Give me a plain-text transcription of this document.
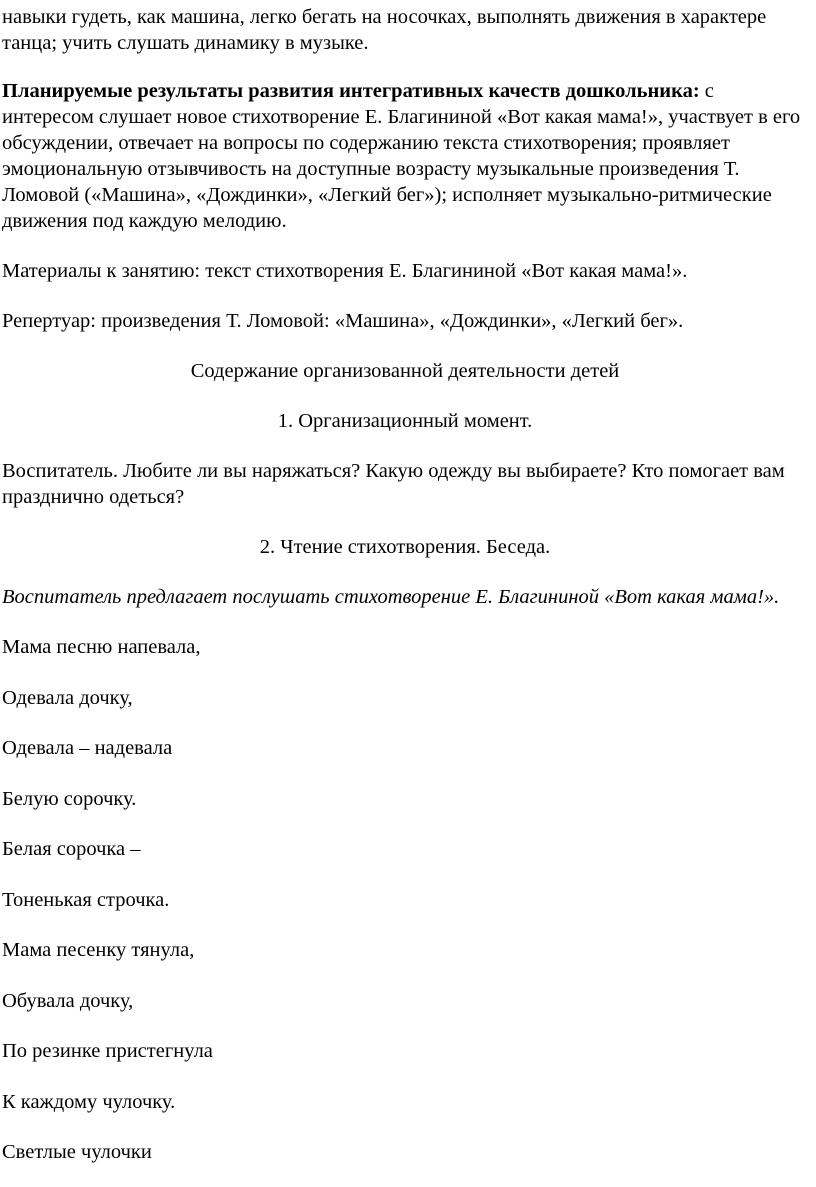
навыки гудеть, как машина, легко бегать на носочках, выполнять движения в характере танца; учить слушать динамику в музыке.

Планируемые результаты развития интегративных качеств дошкольника: с интересом слушает новое стихотворение Е. Благининой «Вот какая мама!», участвует в его обсуждении, отвечает на вопросы по содержанию текста стихотворения; проявляет эмоциональную отзывчивость на доступные возрасту музыкальные произведения Т. Ломовой («Машина», «Дождинки», «Легкий бег»); исполняет музыкально-ритмические движения под каждую мелодию.

Материалы к занятию: текст стихотворения Е. Благининой «Вот какая мама!».

Репертуар: произведения Т. Ломовой: «Машина», «Дождинки», «Легкий бег».

Содержание организованной деятельности детей

1. Организационный момент.

Воспитатель. Любите ли вы наряжаться? Какую одежду вы выбираете? Кто помогает вам празднично одеться?

2. Чтение стихотворения. Беседа.

Воспитатель предлагает послушать стихотворение Е. Благининой «Вот какая мама!».

Мама песню напевала,

Одевала дочку,

Одевала – надевала

Белую сорочку.

Белая сорочка –

Тоненькая строчка.

Мама песенку тянула,

Обувала дочку,

По резинке пристегнула

К каждому чулочку.

Светлые чулочки
